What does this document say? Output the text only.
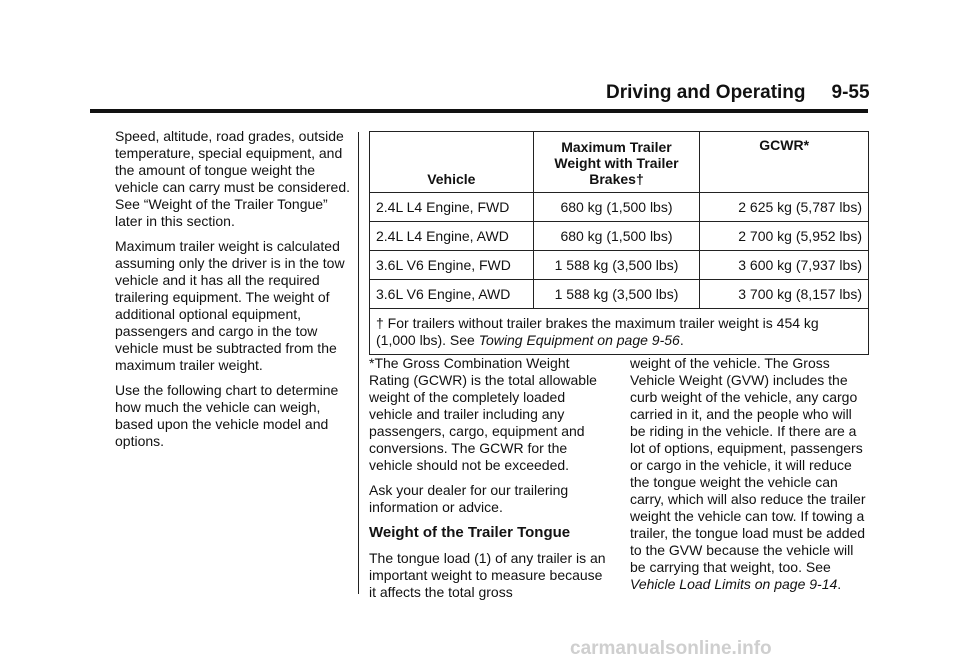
Driving and Operating 9-55

Speed, altitude, road grades, outside temperature, special equipment, and the amount of tongue weight the vehicle can carry must be considered. See “Weight of the Trailer Tongue” later in this section.

Maximum trailer weight is calculated assuming only the driver is in the tow vehicle and it has all the required trailering equipment. The weight of additional optional equipment, passengers and cargo in the tow vehicle must be subtracted from the maximum trailer weight.

Use the following chart to determine how much the vehicle can weigh, based upon the vehicle model and options.

Vehicle	Maximum Trailer Weight with Trailer Brakes†	GCWR*
2.4L L4 Engine, FWD	680 kg (1,500 lbs)	2 625 kg (5,787 lbs)
2.4L L4 Engine, AWD	680 kg (1,500 lbs)	2 700 kg (5,952 lbs)
3.6L V6 Engine, FWD	1 588 kg (3,500 lbs)	3 600 kg (7,937 lbs)
3.6L V6 Engine, AWD	1 588 kg (3,500 lbs)	3 700 kg (8,157 lbs)
† For trailers without trailer brakes the maximum trailer weight is 454 kg (1,000 lbs). See Towing Equipment on page 9-56.		

*The Gross Combination Weight Rating (GCWR) is the total allowable weight of the completely loaded vehicle and trailer including any passengers, cargo, equipment and conversions. The GCWR for the vehicle should not be exceeded.

Ask your dealer for our trailering information or advice.

Weight of the Trailer Tongue

The tongue load (1) of any trailer is an important weight to measure because it affects the total gross

weight of the vehicle. The Gross Vehicle Weight (GVW) includes the curb weight of the vehicle, any cargo carried in it, and the people who will be riding in the vehicle. If there are a lot of options, equipment, passengers or cargo in the vehicle, it will reduce the tongue weight the vehicle can carry, which will also reduce the trailer weight the vehicle can tow. If towing a trailer, the tongue load must be added to the GVW because the vehicle will be carrying that weight, too. See Vehicle Load Limits on page 9-14.

carmanualsonline.info
